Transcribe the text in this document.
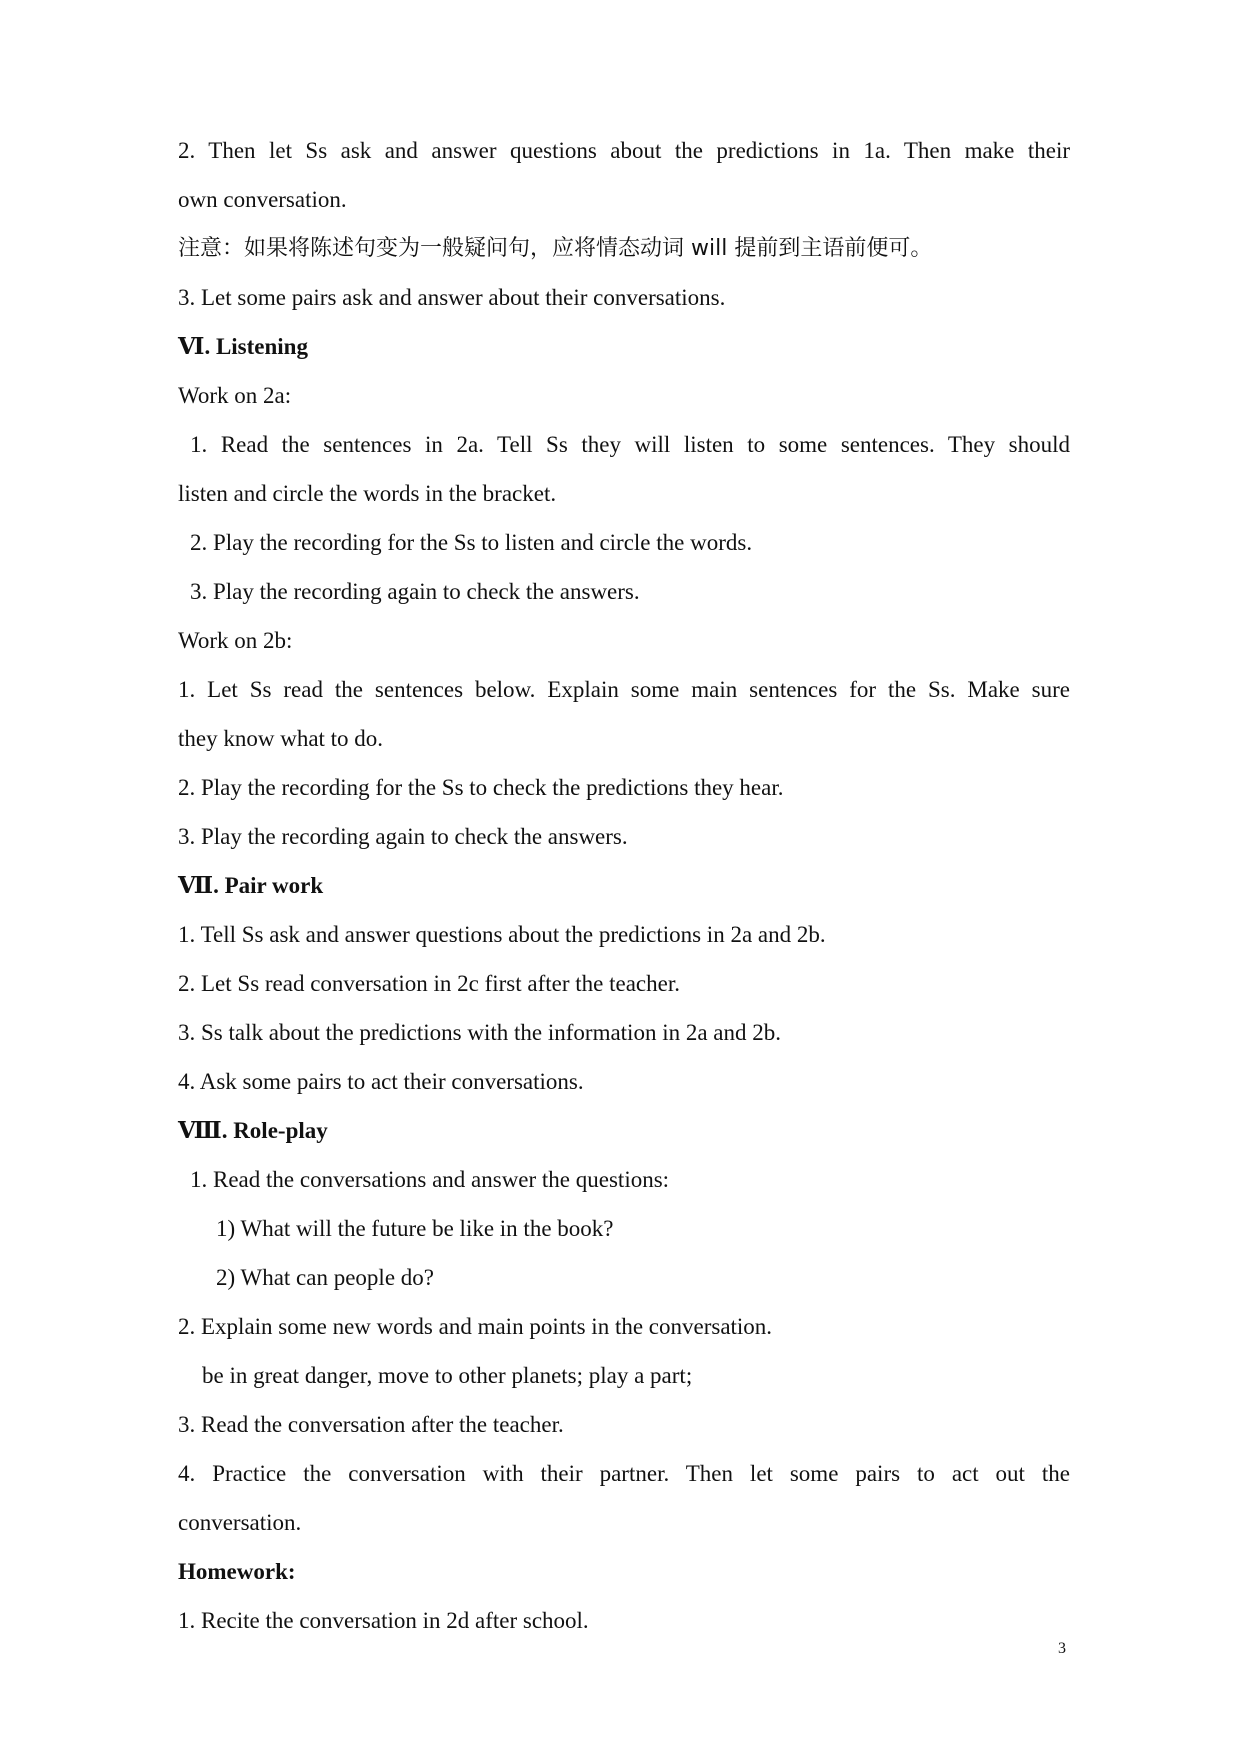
2. Then let Ss ask and answer questions about the predictions in 1a. Then make their
own conversation.
注意：如果将陈述句变为一般疑问句，应将情态动词 will 提前到主语前便可。
3. Let some pairs ask and answer about their conversations.
Ⅵ. Listening
Work on 2a:
1. Read the sentences in 2a. Tell Ss they will listen to some sentences. They should
listen and circle the words in the bracket.
2. Play the recording for the Ss to listen and circle the words.
3. Play the recording again to check the answers.
Work on 2b:
1. Let Ss read the sentences below. Explain some main sentences for the Ss. Make sure
they know what to do.
2. Play the recording for the Ss to check the predictions they hear.
3. Play the recording again to check the answers.
Ⅶ. Pair work
1. Tell Ss ask and answer questions about the predictions in 2a and 2b.
2. Let Ss read conversation in 2c first after the teacher.
3. Ss talk about the predictions with the information in 2a and 2b.
4. Ask some pairs to act their conversations.
Ⅷ. Role-play
1. Read the conversations and answer the questions:
1) What will the future be like in the book?
2) What can people do?
2. Explain some new words and main points in the conversation.
be in great danger, move to other planets; play a part;
3. Read the conversation after the teacher.
4. Practice the conversation with their partner. Then let some pairs to act out the
conversation.
Homework:
1. Recite the conversation in 2d after school.
3
